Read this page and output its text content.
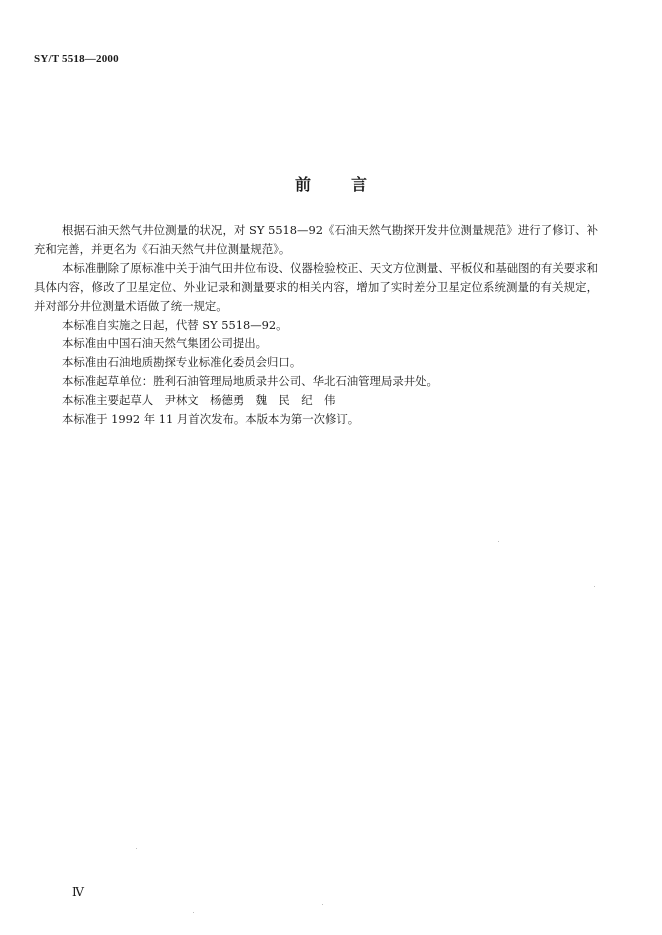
SY/T 5518—2000
前	言

根据石油天然气井位测量的状况，对 SY 5518—92《石油天然气勘探开发井位测量规范》进行了修订、补充和完善，并更名为《石油天然气井位测量规范》。

本标准删除了原标准中关于油气田井位布设、仪器检验校正、天文方位测量、平板仪和基础图的有关要求和具体内容，修改了卫星定位、外业记录和测量要求的相关内容，增加了实时差分卫星定位系统测量的有关规定，并对部分井位测量术语做了统一规定。

本标准自实施之日起，代替 SY 5518—92。

本标准由中国石油天然气集团公司提出。

本标准由石油地质勘探专业标准化委员会归口。

本标准起草单位：胜利石油管理局地质录井公司、华北石油管理局录井处。

本标准主要起草人　尹林文　杨德勇　魏　民　纪　伟

本标准于 1992 年 11 月首次发布。本版本为第一次修订。

Ⅳ
